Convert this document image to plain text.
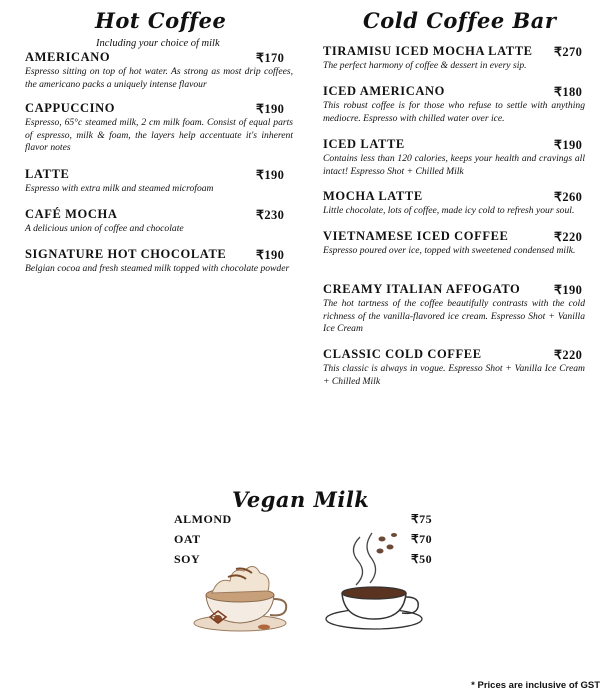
Hot Coffee
Including your choice of milk
AMERICANO	₹170
Espresso sitting on top of hot water. As strong as most drip coffees, the americano packs a uniquely intense flavour
CAPPUCCINO	₹190
Espresso, 65°c steamed milk, 2 cm milk foam. Consist of equal parts of espresso, milk & foam, the layers help accentuate it's inherent flavor notes
LATTE	₹190
Espresso with extra milk and steamed microfoam
CAFÉ MOCHA	₹230
A delicious union of coffee and chocolate
SIGNATURE HOT CHOCOLATE ₹190
Belgian cocoa and fresh steamed milk topped with chocolate powder
Cold Coffee Bar
TIRAMISU ICED MOCHA LATTE ₹270
The perfect harmony of coffee & dessert in every sip.
ICED AMERICANO	₹180
This robust coffee is for those who refuse to settle with anything mediocre. Espresso with chilled water over ice.
ICED LATTE	₹190
Contains less than 120 calories, keeps your health and cravings all intact! Espresso Shot + Chilled Milk
MOCHA LATTE	₹260
Little chocolate, lots of coffee, made icy cold to refresh your soul.
VIETNAMESE ICED COFFEE	₹220
Espresso poured over ice, topped with sweetened condensed milk.
CREAMY ITALIAN AFFOGATO	₹190
The hot tartness of the coffee beautifully contrasts with the cold richness of the vanilla-flavored ice cream. Espresso Shot + Vanilla Ice Cream
CLASSIC COLD COFFEE	₹220
This classic is always in vogue. Espresso Shot + Vanilla Ice Cream + Chilled Milk
Vegan Milk
ALMOND	₹75
OAT	₹70
SOY	₹50
* Prices are inclusive of GST
